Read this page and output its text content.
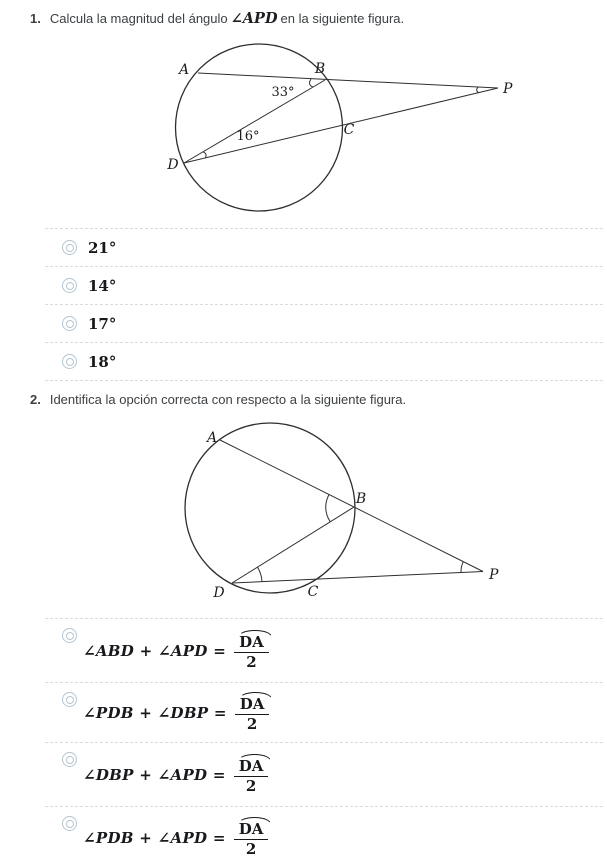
1. Calcula la magnitud del ángulo ∠APD en la siguiente figura.
A	B
C
D
P
33°
16°
21°
14°
17°
18°
2. Identifica la opción correcta con respecto a la siguiente figura.
A
B
C
D
P
∠ABD + ∠APD = $\frac{DA}{2}$
∠PDB + ∠DBP = $\frac{DA}{2}$
∠DBP + ∠APD = $\frac{DA}{2}$
∠PDB + ∠APD = $\frac{DA}{2}$
